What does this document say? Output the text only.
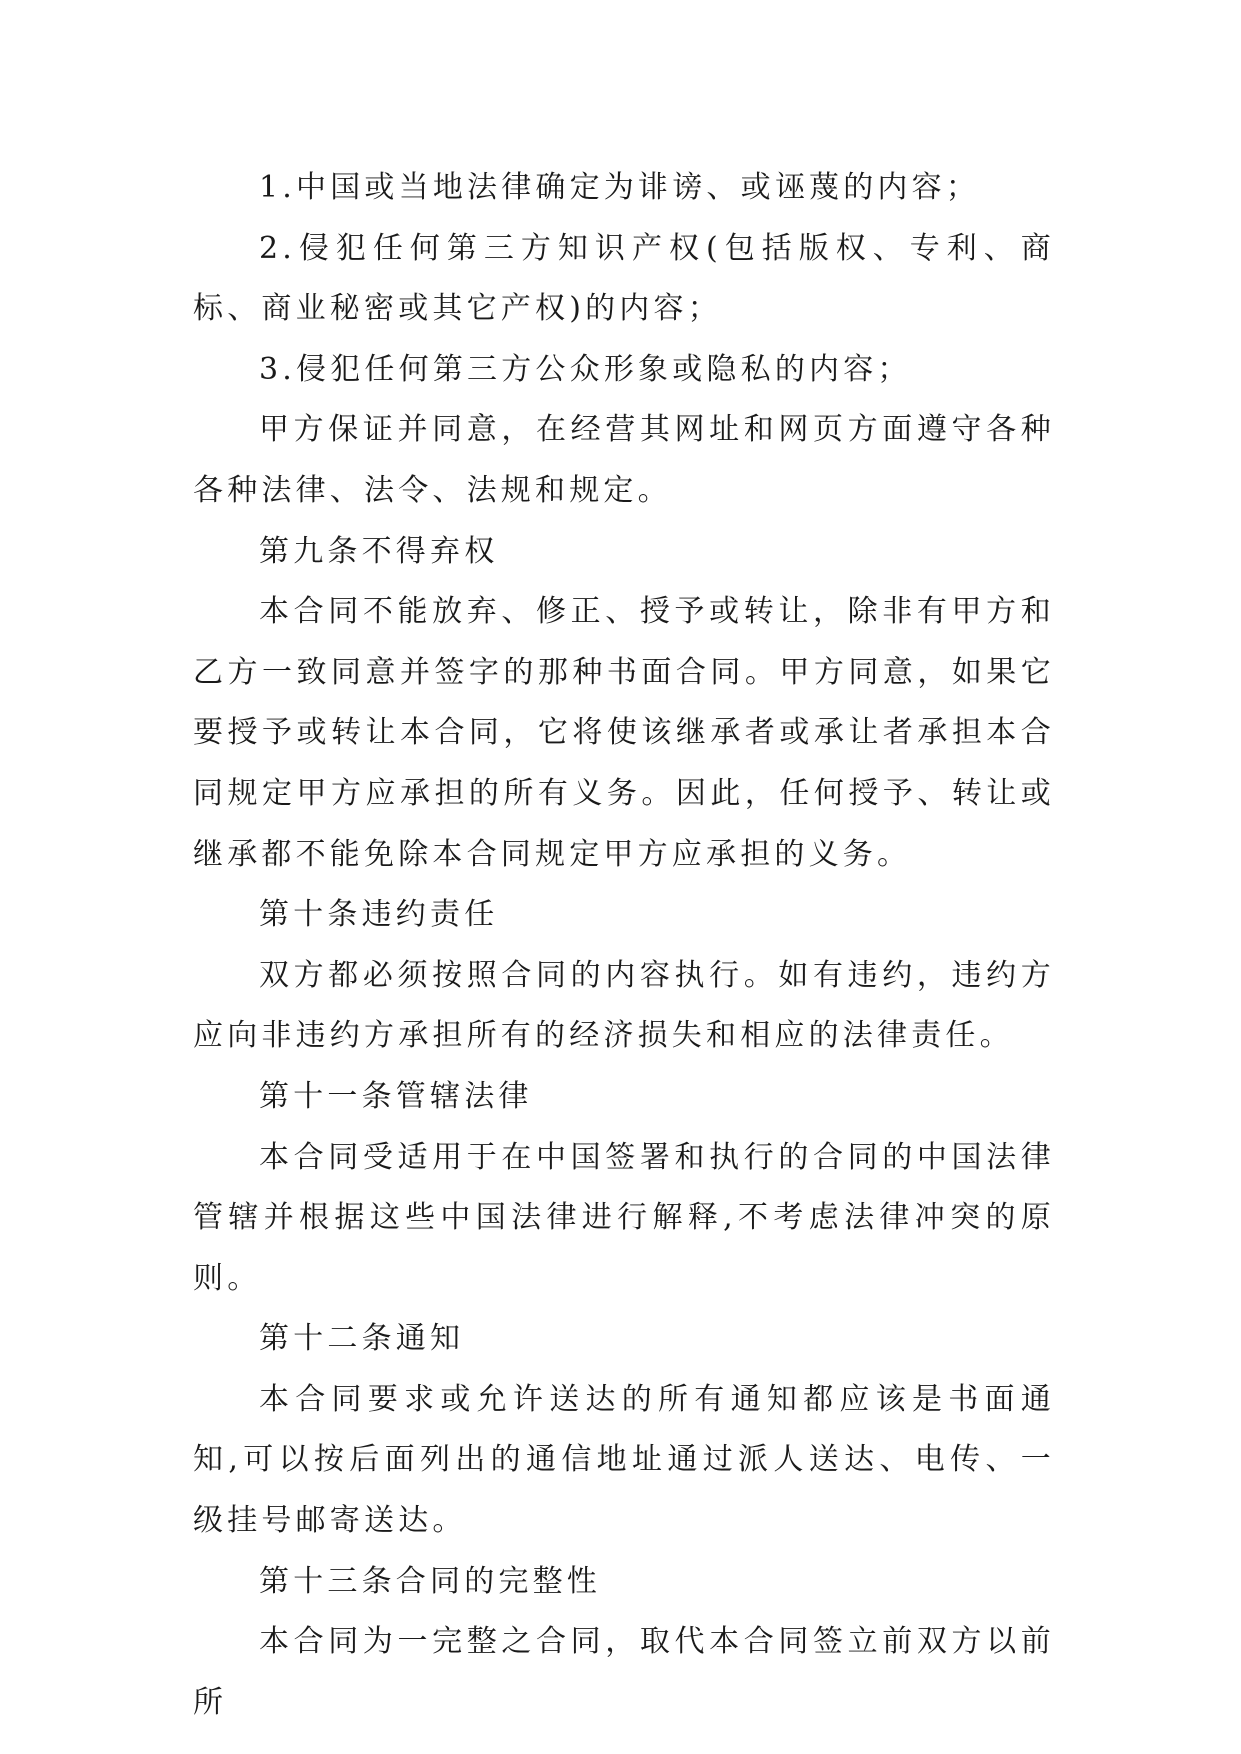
1.中国或当地法律确定为诽谤、或诬蔑的内容；

2.侵犯任何第三方知识产权(包括版权、专利、商标、商业秘密或其它产权)的内容；

3.侵犯任何第三方公众形象或隐私的内容；

甲方保证并同意，在经营其网址和网页方面遵守各种各种法律、法令、法规和规定。

第九条不得弃权

本合同不能放弃、修正、授予或转让，除非有甲方和乙方一致同意并签字的那种书面合同。甲方同意，如果它要授予或转让本合同，它将使该继承者或承让者承担本合同规定甲方应承担的所有义务。因此，任何授予、转让或继承都不能免除本合同规定甲方应承担的义务。

第十条违约责任

双方都必须按照合同的内容执行。如有违约，违约方应向非违约方承担所有的经济损失和相应的法律责任。

第十一条管辖法律

本合同受适用于在中国签署和执行的合同的中国法律管辖并根据这些中国法律进行解释,不考虑法律冲突的原则。

第十二条通知

本合同要求或允许送达的所有通知都应该是书面通知,可以按后面列出的通信地址通过派人送达、电传、一级挂号邮寄送达。

第十三条合同的完整性

本合同为一完整之合同，取代本合同签立前双方以前所
